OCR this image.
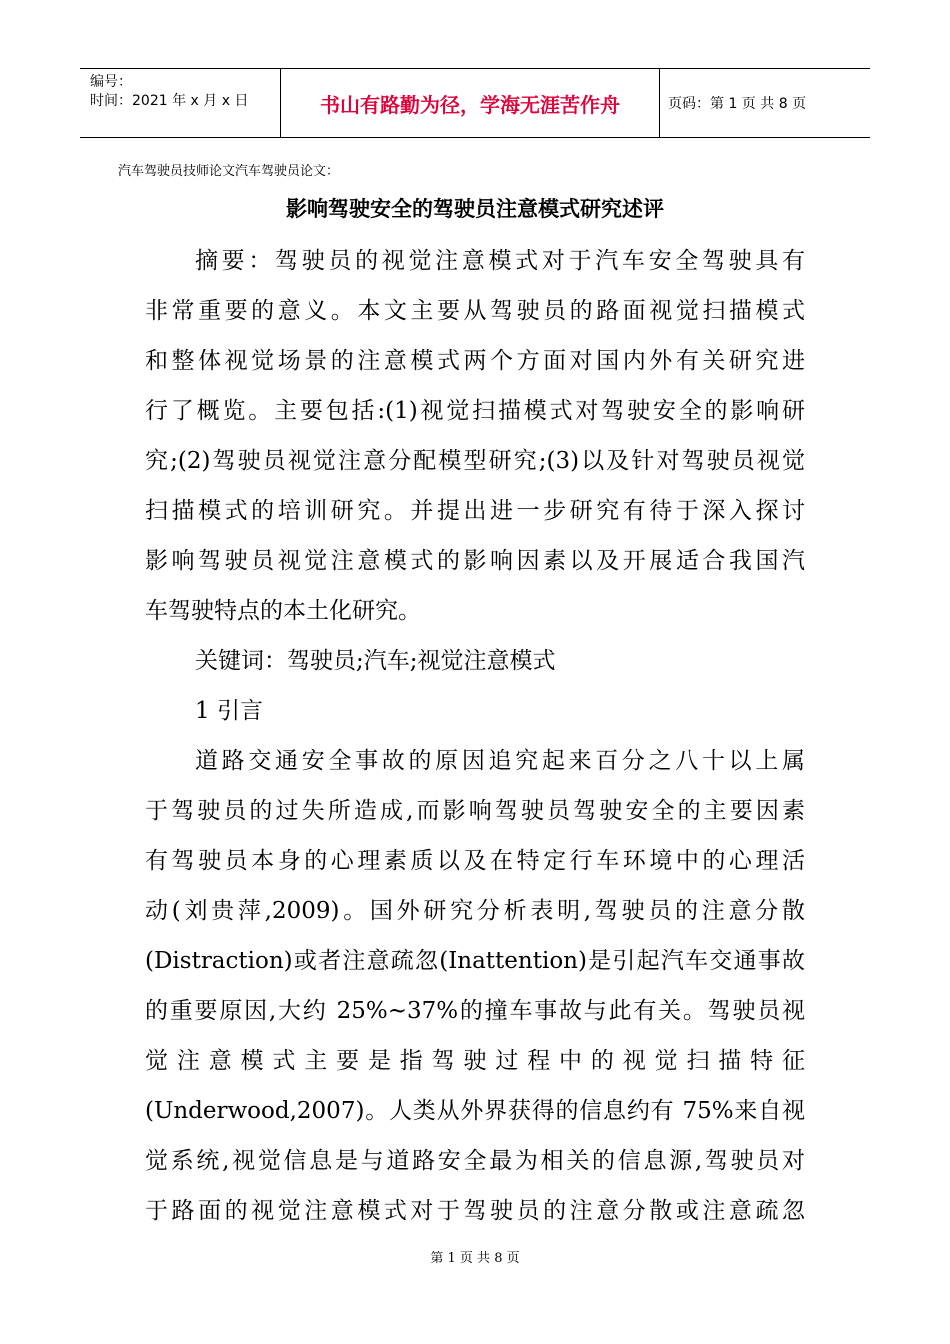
编号：
时间：2021 年 x 月 x 日	书山有路勤为径，学海无涯苦作舟	页码：第 1 页 共 8 页
汽车驾驶员技师论文汽车驾驶员论文：
影响驾驶安全的驾驶员注意模式研究述评
摘要：驾驶员的视觉注意模式对于汽车安全驾驶具有
非常重要的意义。本文主要从驾驶员的路面视觉扫描模式
和整体视觉场景的注意模式两个方面对国内外有关研究进
行了概览。主要包括:(1)视觉扫描模式对驾驶安全的影响研
究;(2)驾驶员视觉注意分配模型研究;(3)以及针对驾驶员视觉
扫描模式的培训研究。并提出进一步研究有待于深入探讨
影响驾驶员视觉注意模式的影响因素以及开展适合我国汽
车驾驶特点的本土化研究。
关键词：驾驶员;汽车;视觉注意模式
1 引言
道路交通安全事故的原因追究起来百分之八十以上属
于驾驶员的过失所造成,而影响驾驶员驾驶安全的主要因素
有驾驶员本身的心理素质以及在特定行车环境中的心理活
动(刘贵萍,2009)。国外研究分析表明,驾驶员的注意分散
(Distraction)或者注意疏忽(Inattention)是引起汽车交通事故
的重要原因,大约 25%~37%的撞车事故与此有关。驾驶员视
觉注意模式主要是指驾驶过程中的视觉扫描特征
(Underwood,2007)。人类从外界获得的信息约有 75%来自视
觉系统,视觉信息是与道路安全最为相关的信息源,驾驶员对
于路面的视觉注意模式对于驾驶员的注意分散或注意疏忽
第 1 页 共 8 页
